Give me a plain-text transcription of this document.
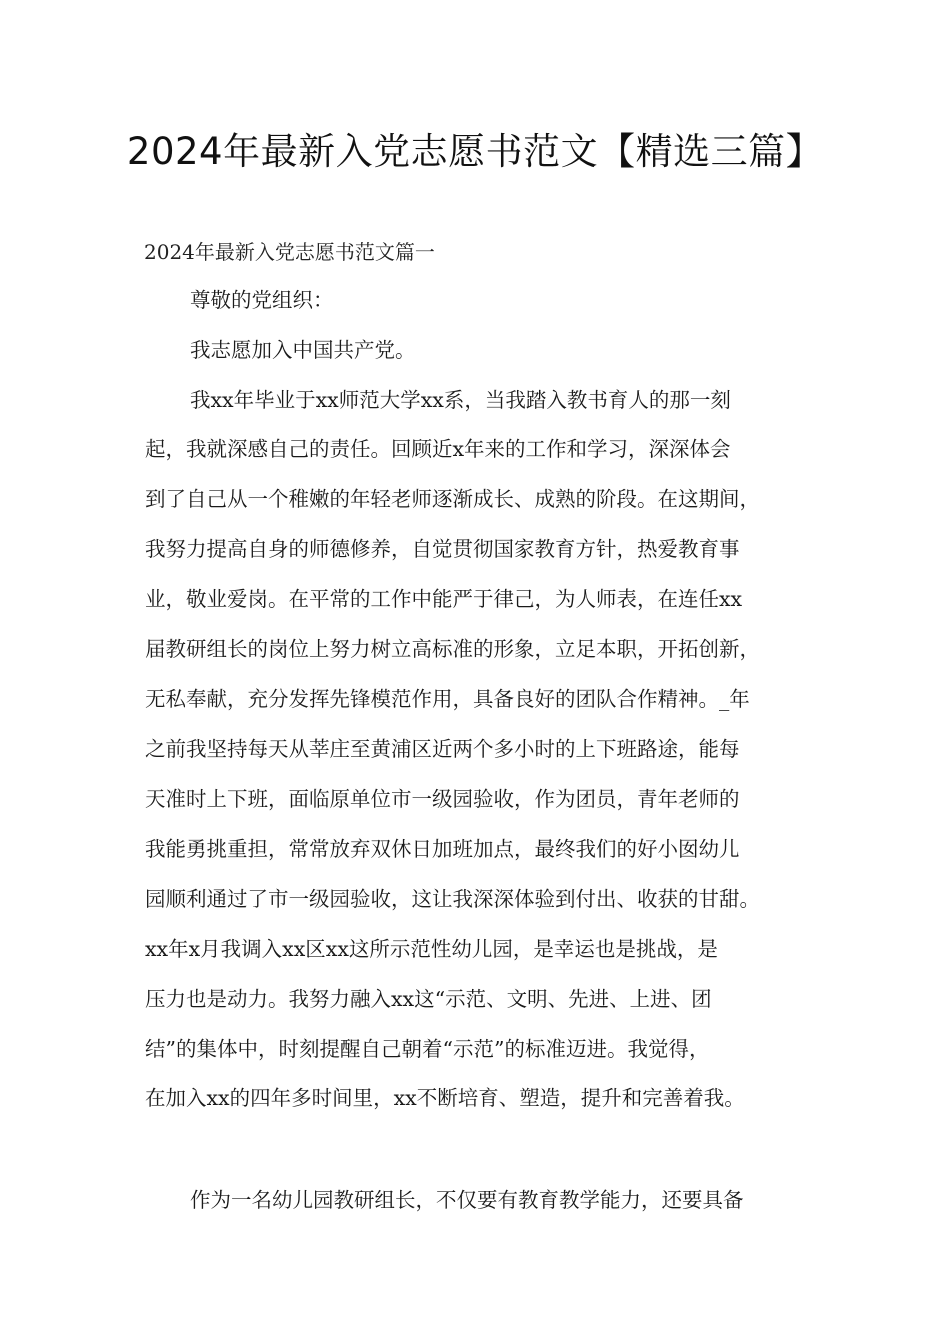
2024年最新入党志愿书范文【精选三篇】

2024年最新入党志愿书范文篇一

尊敬的党组织：

我志愿加入中国共产党。

我xx年毕业于xx师范大学xx系，当我踏入教书育人的那一刻

起，我就深感自己的责任。回顾近x年来的工作和学习，深深体会

到了自己从一个稚嫩的年轻老师逐渐成长、成熟的阶段。在这期间，

我努力提高自身的师德修养，自觉贯彻国家教育方针，热爱教育事

业，敬业爱岗。在平常的工作中能严于律己，为人师表，在连任xx

届教研组长的岗位上努力树立高标准的形象，立足本职，开拓创新，

无私奉献，充分发挥先锋模范作用，具备良好的团队合作精神。_年

之前我坚持每天从莘庄至黄浦区近两个多小时的上下班路途，能每

天准时上下班，面临原单位市一级园验收，作为团员，青年老师的

我能勇挑重担，常常放弃双休日加班加点，最终我们的好小囡幼儿

园顺利通过了市一级园验收，这让我深深体验到付出、收获的甘甜。

xx年x月我调入xx区xx这所示范性幼儿园，是幸运也是挑战，是

压力也是动力。我努力融入xx这“示范、文明、先进、上进、团

结”的集体中，时刻提醒自己朝着“示范”的标准迈进。我觉得，

在加入xx的四年多时间里，xx不断培育、塑造，提升和完善着我。

作为一名幼儿园教研组长，不仅要有教育教学能力，还要具备
